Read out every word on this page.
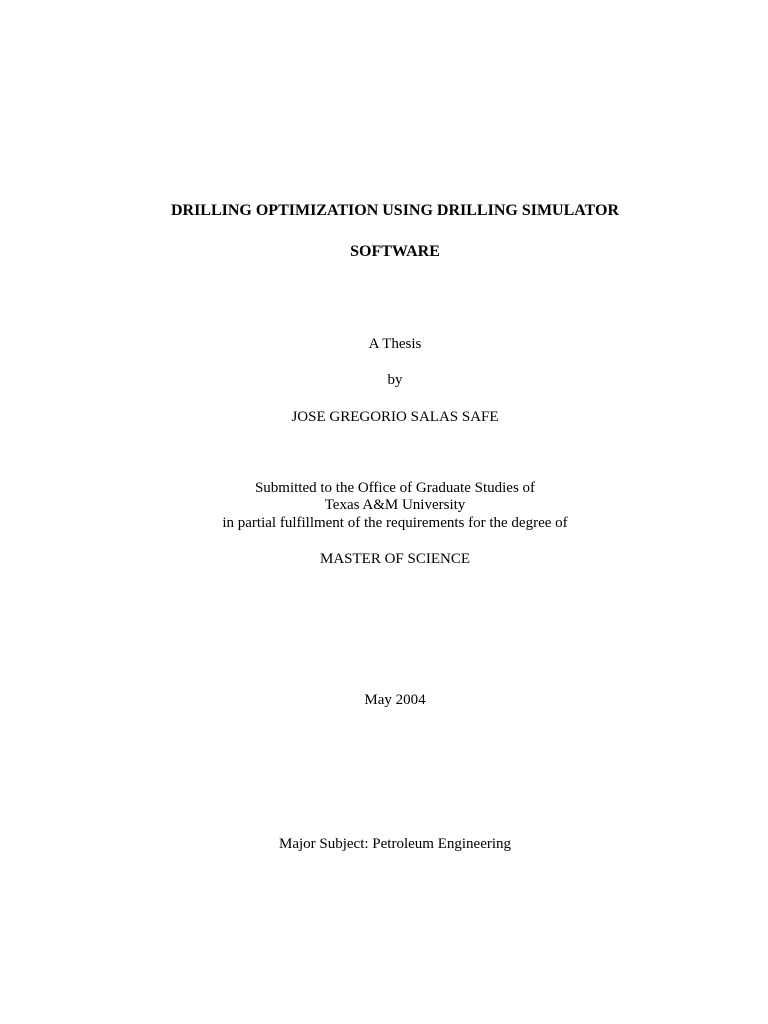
DRILLING OPTIMIZATION USING DRILLING SIMULATOR
SOFTWARE
A Thesis
by
JOSE GREGORIO SALAS SAFE
Submitted to the Office of Graduate Studies of
Texas A&M University
in partial fulfillment of the requirements for the degree of
MASTER OF SCIENCE
May 2004
Major Subject: Petroleum Engineering
